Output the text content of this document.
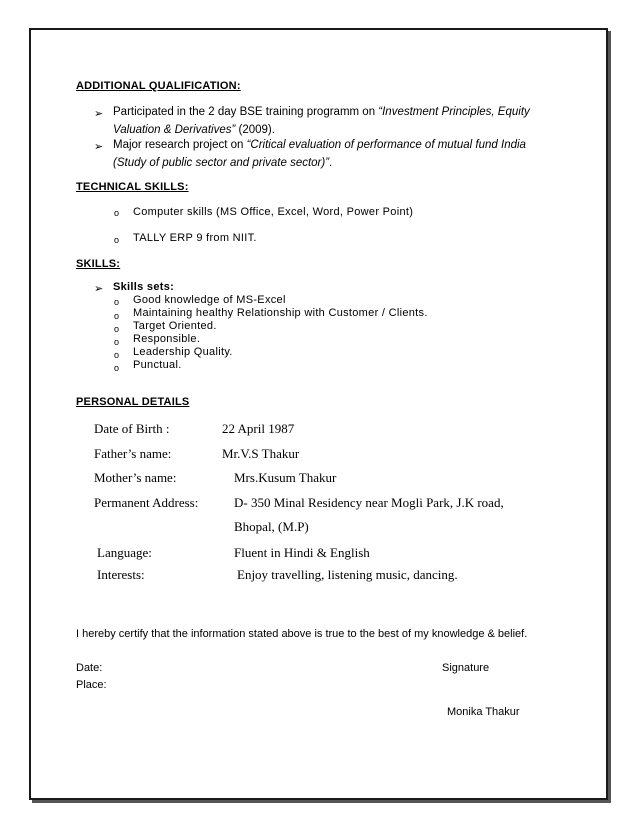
ADDITIONAL QUALIFICATION:
➢ Participated in the 2 day BSE training programm on “Investment Principles, Equity
Valuation & Derivatives” (2009).
➢ Major research project on “Critical evaluation of performance of mutual fund India
(Study of public sector and private sector)”.
TECHNICAL SKILLS:
o Computer skills (MS Office, Excel, Word, Power Point)
o TALLY ERP 9 from NIIT.
SKILLS:
➢ Skills sets:
o Good knowledge of MS-Excel
o Maintaining healthy Relationship with Customer / Clients.
o Target Oriented.
o Responsible.
o Leadership Quality.
o Punctual.
PERSONAL DETAILS
Date of Birth :	22 April 1987
Father’s name:	Mr.V.S Thakur
Mother’s name:	Mrs.Kusum Thakur
Permanent Address:	D- 350 Minal Residency near Mogli Park, J.K road,
Bhopal, (M.P)
Language:	Fluent in Hindi & English
Interests:	Enjoy travelling, listening music, dancing.
I hereby certify that the information stated above is true to the best of my knowledge & belief.
Date:	Signature
Place:
Monika Thakur
